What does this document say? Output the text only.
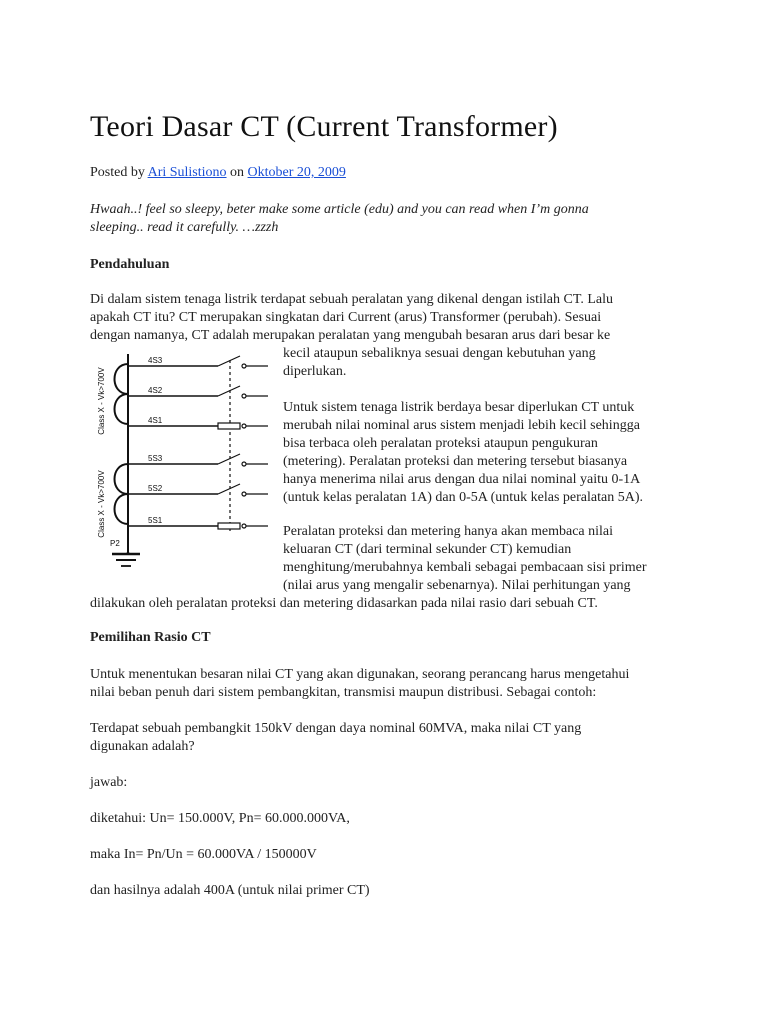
Teori Dasar CT (Current Transformer)
Posted by Ari Sulistiono on Oktober 20, 2009
Hwaah..! feel so sleepy, beter make some article (edu) and you can read when I’m gonna
sleeping.. read it carefully. …zzzh
Pendahuluan
Di dalam sistem tenaga listrik terdapat sebuah peralatan yang dikenal dengan istilah CT. Lalu
apakah CT itu? CT merupakan singkatan dari Current (arus) Transformer (perubah). Sesuai
dengan namanya, CT adalah merupakan peralatan yang mengubah besaran arus dari besar ke
Class X - Vk>700V
Class X - Vk>700V
4S3
4S2
4S1
5S3
5S2
5S1
P2
kecil ataupun sebaliknya sesuai dengan kebutuhan yang
diperlukan.
Untuk sistem tenaga listrik berdaya besar diperlukan CT untuk
merubah nilai nominal arus sistem menjadi lebih kecil sehingga
bisa terbaca oleh peralatan proteksi ataupun pengukuran
(metering). Peralatan proteksi dan metering tersebut biasanya
hanya menerima nilai arus dengan dua nilai nominal yaitu 0-1A
(untuk kelas peralatan 1A) dan 0-5A (untuk kelas peralatan 5A).
Peralatan proteksi dan metering hanya akan membaca nilai
keluaran CT (dari terminal sekunder CT) kemudian
menghitung/merubahnya kembali sebagai pembacaan sisi primer
(nilai arus yang mengalir sebenarnya). Nilai perhitungan yang
dilakukan oleh peralatan proteksi dan metering didasarkan pada nilai rasio dari sebuah CT.
Pemilihan Rasio CT
Untuk menentukan besaran nilai CT yang akan digunakan, seorang perancang harus mengetahui
nilai beban penuh dari sistem pembangkitan, transmisi maupun distribusi. Sebagai contoh:
Terdapat sebuah pembangkit 150kV dengan daya nominal 60MVA, maka nilai CT yang
digunakan adalah?
jawab:
diketahui: Un= 150.000V, Pn= 60.000.000VA,
maka In= Pn/Un = 60.000VA / 150000V
dan hasilnya adalah 400A (untuk nilai primer CT)
